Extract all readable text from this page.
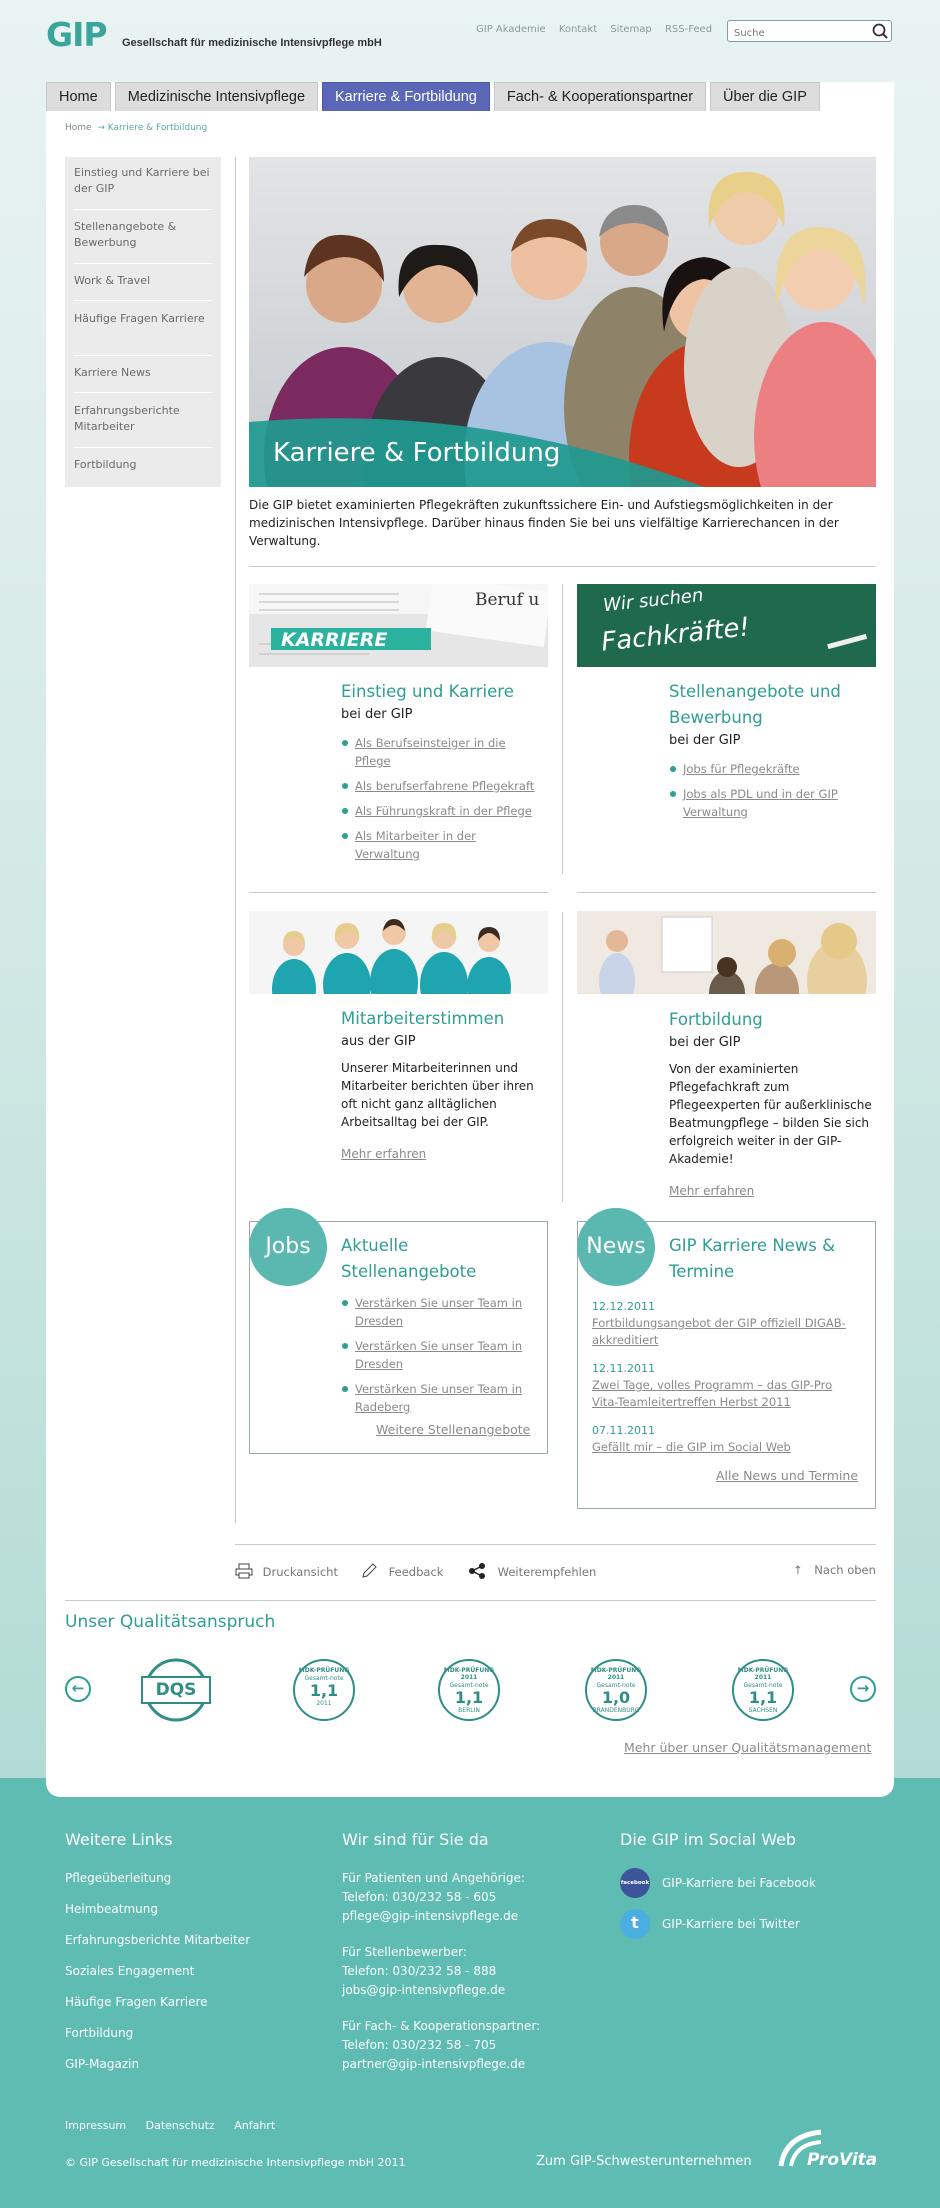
GIP Gesellschaft für medizinische Intensivpflege mbH
GIP Akademie Kontakt Sitemap RSS-Feed
Suche
Home	Medizinische Intensivpflege	Karriere & Fortbildung	Fach- & Kooperationspartner	Über die GIP
Home  → Karriere & Fortbildung
Einstieg und Karriere bei der GIP
Stellenangebote & Bewerbung
Work & Travel
Häufige Fragen Karriere
Karriere News
Erfahrungsberichte Mitarbeiter
Fortbildung	Karriere & Fortbildung
Die GIP bietet examinierten Pflegekräften zukunftssichere Ein- und Aufstiegsmöglichkeiten in der medizinischen Intensivpflege. Darüber hinaus finden Sie bei uns vielfältige Karrierechancen in der Verwaltung.
Beruf u
KARRIERE
Einstieg und Karriere
bei der GIP
Als Berufseinsteiger in die Pflege
Als berufserfahrene Pflegekraft
Als Führungskraft in der Pflege
Als Mitarbeiter in der Verwaltung
Wir suchen
Fachkräfte!
Stellenangebote und Bewerbung
bei der GIP
Jobs für Pflegekräfte
Jobs als PDL und in der GIP Verwaltung
Mitarbeiterstimmen
aus der GIP
Unserer Mitarbeiterinnen und Mitarbeiter berichten über ihren oft nicht ganz alltäglichen Arbeitsalltag bei der GIP.
Mehr erfahren
Fortbildung
bei der GIP
Von der examinierten Pflegefachkraft zum Pflegeexperten für außerklinische Beatmungpflege – bilden Sie sich erfolgreich weiter in der GIP-Akademie!
Mehr erfahren
Jobs	Aktuelle Stellenangebote
Verstärken Sie unser Team in Dresden
Verstärken Sie unser Team in Dresden
Verstärken Sie unser Team in Radeberg
Weitere Stellenangebote
News	GIP Karriere News & Termine
12.12.2011
Fortbildungsangebot der GIP offiziell DIGAB-akkreditiert
12.11.2011
Zwei Tage, volles Programm – das GIP-Pro Vita-Teamleitertreffen Herbst 2011
07.11.2011
Gefällt mir – die GIP im Social Web
Alle News und Termine
Druckansicht	Feedback	Weiterempfehlen	↑ Nach oben
Unser Qualitätsanspruch
←	→
DQS
MDK-PRÜFUNG
Gesamt-note
1,1
2011
MDK-PRÜFUNG 2011
Gesamt-note
1,1
BERLIN
MDK-PRÜFUNG 2011
Gesamt-note
1,0
BRANDENBURG
MDK-PRÜFUNG 2011
Gesamt-note
1,1
SACHSEN
Mehr über unser Qualitätsmanagement
Weitere Links
Pflegeüberleitung
Heimbeatmung
Erfahrungsberichte Mitarbeiter
Soziales Engagement
Häufige Fragen Karriere
Fortbildung
GIP-Magazin
Wir sind für Sie da
Für Patienten und Angehörige:
Telefon: 030/232 58 - 605
pflege@gip-intensivpflege.de
Für Stellenbewerber:
Telefon: 030/232 58 - 888
jobs@gip-intensivpflege.de
Für Fach- & Kooperationspartner:
Telefon: 030/232 58 - 705
partner@gip-intensivpflege.de
Die GIP im Social Web
facebook GIP-Karriere bei Facebook
t	GIP-Karriere bei Twitter
Impressum Datenschutz Anfahrt
© GIP Gesellschaft für medizinische Intensivpflege mbH 2011	Zum GIP-Schwesterunternehmen	ProVita
